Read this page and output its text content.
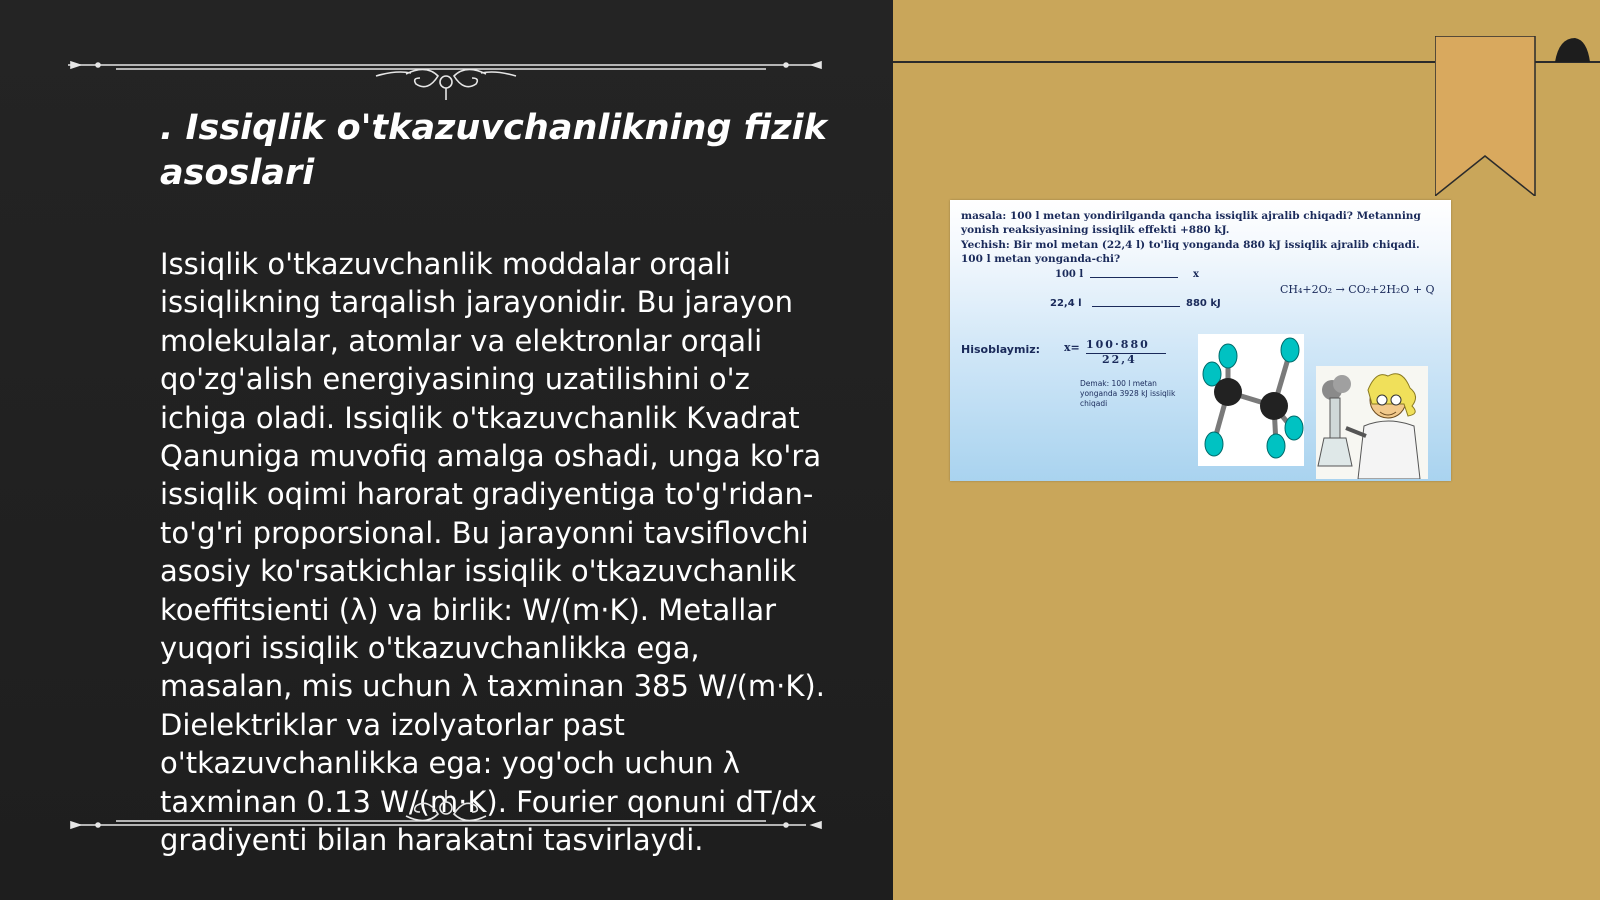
. Issiqlik o'tkazuvchanlikning fizik asoslari

Issiqlik o'tkazuvchanlik moddalar orqali issiqlikning tarqalish jarayonidir. Bu jarayon molekulalar, atomlar va elektronlar orqali qo'zg'alish energiyasining uzatilishini o'z ichiga oladi. Issiqlik o'tkazuvchanlik Kvadrat Qanuniga muvofiq amalga oshadi, unga ko'ra issiqlik oqimi harorat gradiyentiga to'g'ridan-to'g'ri proporsional. Bu jarayonni tavsiflovchi asosiy ko'rsatkichlar issiqlik o'tkazuvchanlik koeffitsienti (λ) va birlik: W/(m·K). Metallar yuqori issiqlik o'tkazuvchanlikka ega, masalan, mis uchun λ taxminan 385 W/(m·K). Dielektriklar va izolyatorlar past o'tkazuvchanlikka ega: yog'och uchun λ taxminan 0.13 W/(m·K). Fourier qonuni dT/dx gradiyenti bilan harakatni tasvirlaydi.

masala: 100 l metan yondirilganda qancha issiqlik ajralib chiqadi? Metanning yonish reaksiyasining issiqlik effekti +880 kJ.

Yechish: Bir mol metan (22,4 l) to'liq yonganda 880 kJ issiqlik ajralib chiqadi. 100 l metan yonganda-chi?

100 l	x
22,4 l	880 kJ
CH₄+2O₂ → CO₂+2H₂O + Q
Hisoblaymiz: x= 100·880
22,4

Demak: 100 l metan yonganda 3928 kJ issiqlik chiqadi
